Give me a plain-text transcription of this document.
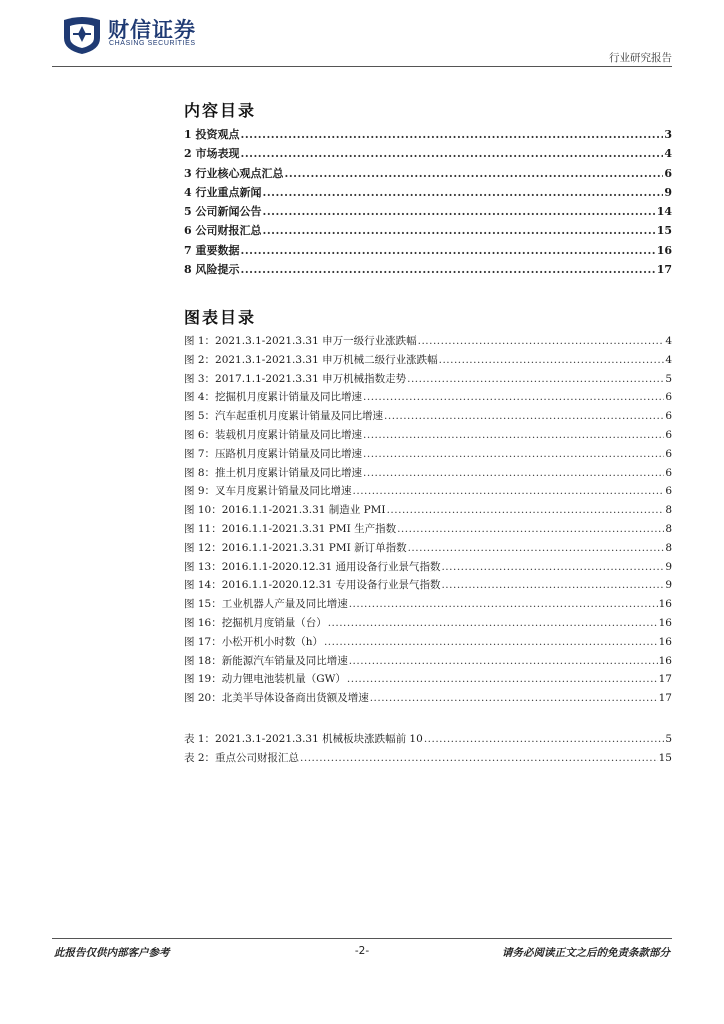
财信证券
CHASING SECURITIES
行业研究报告
内容目录
1 投资观点 .....	3
2 市场表现 .....	4
3 行业核心观点汇总 .....	6
4 行业重点新闻 .....	9
5 公司新闻公告 .....	14
6 公司财报汇总 .....	15
7 重要数据 .....	16
8 风险提示 .....	17
图表目录
图 1：2021.3.1-2021.3.31 申万一级行业涨跌幅 .....	4
图 2：2021.3.1-2021.3.31 申万机械二级行业涨跌幅 .....	4
图 3：2017.1.1-2021.3.31 申万机械指数走势 .....	5
图 4：挖掘机月度累计销量及同比增速 .....	6
图 5：汽车起重机月度累计销量及同比增速 .....	6
图 6：装载机月度累计销量及同比增速 .....	6
图 7：压路机月度累计销量及同比增速 .....	6
图 8：推土机月度累计销量及同比增速 .....	6
图 9：叉车月度累计销量及同比增速 .....	6
图 10：2016.1.1-2021.3.31 制造业 PMI .....	8
图 11：2016.1.1-2021.3.31 PMI 生产指数 .....	8
图 12：2016.1.1-2021.3.31 PMI 新订单指数 .....	8
图 13：2016.1.1-2020.12.31 通用设备行业景气指数 .....	9
图 14：2016.1.1-2020.12.31 专用设备行业景气指数 .....	9
图 15：工业机器人产量及同比增速 .....	16
图 16：挖掘机月度销量（台） .....	16
图 17：小松开机小时数（h） .....	16
图 18：新能源汽车销量及同比增速 .....	16
图 19：动力锂电池装机量（GW） .....	17
图 20：北美半导体设备商出货额及增速 .....	17
表 1：2021.3.1-2021.3.31 机械板块涨跌幅前 10 .....	5
表 2：重点公司财报汇总 .....	15
此报告仅供内部客户参考	-2-	请务必阅读正文之后的免责条款部分
